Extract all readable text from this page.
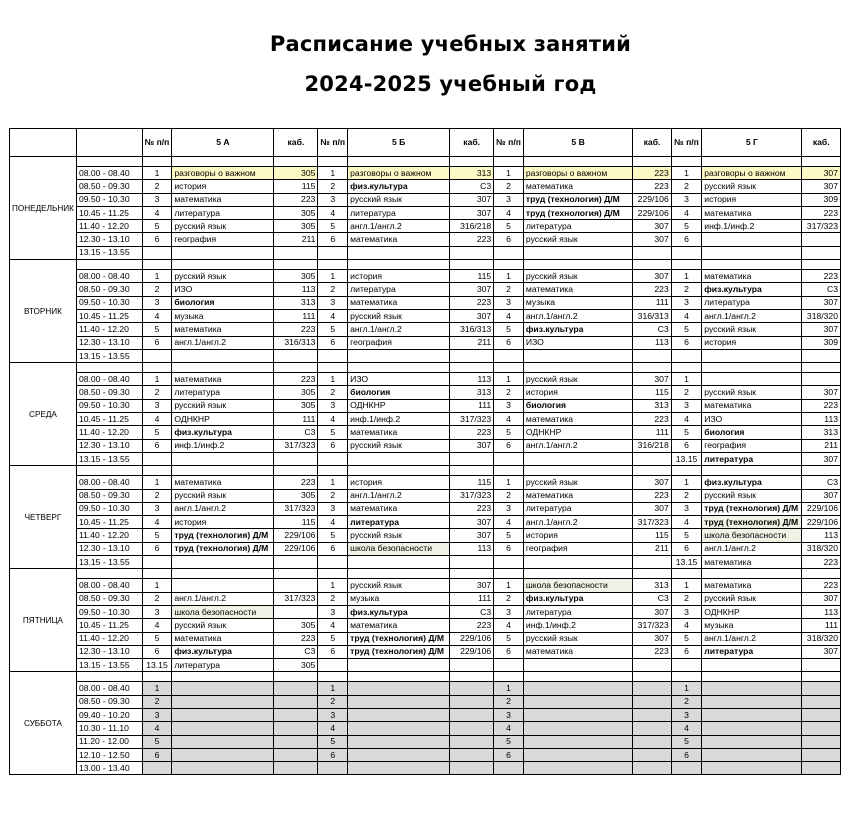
Расписание учебных занятий
2024-2025 учебный год
		№ п/п	5 А	каб.	№ п/п	5 Б	каб.	№ п/п	5 В	каб.	№ п/п	5 Г	каб.
ПОНЕДЕЛЬНИК													
	08.00 - 08.40	1	разговоры о важном	305	1	разговоры о важном	313	1	разговоры о важном	223	1	разговоры о важном	307
	08.50 - 09.30	2	история	115	2	физ.культура	С3	2	математика	223	2	русский язык	307
	09.50 - 10.30	3	математика	223	3	русский язык	307	3	труд (технология) Д/М	229/106	3	история	309
	10.45 - 11.25	4	литература	305	4	литература	307	4	труд (технология) Д/М	229/106	4	математика	223
	11.40 - 12.20	5	русский язык	305	5	англ.1/англ.2	316/218	5	литература	307	5	инф.1/инф.2	317/323
	12.30 - 13.10	6	география	211	6	математика	223	6	русский язык	307	6		
	13.15 - 13.55												
ВТОРНИК													
	08.00 - 08.40	1	русский язык	305	1	история	115	1	русский язык	307	1	математика	223
	08.50 - 09.30	2	ИЗО	113	2	литература	307	2	математика	223	2	физ.культура	С3
	09.50 - 10.30	3	биология	313	3	математика	223	3	музыка	111	3	литература	307
	10.45 - 11.25	4	музыка	111	4	русский язык	307	4	англ.1/англ.2	316/313	4	англ.1/англ.2	318/320
	11.40 - 12.20	5	математика	223	5	англ.1/англ.2	316/313	5	физ.культура	С3	5	русский язык	307
	12.30 - 13.10	6	англ.1/англ.2	316/313	6	география	211	6	ИЗО	113	6	история	309
	13.15 - 13.55												
СРЕДА													
	08.00 - 08.40	1	математика	223	1	ИЗО	113	1	русский язык	307	1		
	08.50 - 09.30	2	литература	305	2	биология	313	2	история	115	2	русский язык	307
	09.50 - 10.30	3	русский язык	305	3	ОДНКНР	111	3	биология	313	3	математика	223
	10.45 - 11.25	4	ОДНКНР	111	4	инф.1/инф.2	317/323	4	математика	223	4	ИЗО	113
	11.40 - 12.20	5	физ.культура	С3	5	математика	223	5	ОДНКНР	111	5	биология	313
	12.30 - 13.10	6	инф.1/инф.2	317/323	6	русский язык	307	6	англ.1/англ.2	316/218	6	география	211
	13.15 - 13.55										13.15	литература	307
ЧЕТВЕРГ													
	08.00 - 08.40	1	математика	223	1	история	115	1	русский язык	307	1	физ.культура	С3
	08.50 - 09.30	2	русский язык	305	2	англ.1/англ.2	317/323	2	математика	223	2	русский язык	307
	09.50 - 10.30	3	англ.1/англ.2	317/323	3	математика	223	3	литература	307	3	труд (технология) Д/М	229/106
	10.45 - 11.25	4	история	115	4	литература	307	4	англ.1/англ.2	317/323	4	труд (технология) Д/М	229/106
	11.40 - 12.20	5	труд (технология) Д/М	229/106	5	русский язык	307	5	история	115	5	школа безопасности	113
	12.30 - 13.10	6	труд (технология) Д/М	229/106	6	школа безопасности	113	6	география	211	6	англ.1/англ.2	318/320
	13.15 - 13.55										13.15	математика	223
ПЯТНИЦА													
	08.00 - 08.40	1			1	русский язык	307	1	школа безопасности	313	1	математика	223
	08.50 - 09.30	2	англ.1/англ.2	317/323	2	музыка	111	2	физ.культура	С3	2	русский язык	307
	09.50 - 10.30	3	школа безопасности		3	физ.культура	С3	3	литература	307	3	ОДНКНР	113
	10.45 - 11.25	4	русский язык	305	4	математика	223	4	инф.1/инф.2	317/323	4	музыка	111
	11.40 - 12.20	5	математика	223	5	труд (технология) Д/М	229/106	5	русский язык	307	5	англ.1/англ.2	318/320
	12.30 - 13.10	6	физ.культура	С3	6	труд (технология) Д/М	229/106	6	математика	223	6	литература	307
	13.15 - 13.55	13.15	литература	305									
СУББОТА													
	08.00 - 08.40	1			1			1			1		
	08.50 - 09.30	2			2			2			2		
	09.40 - 10.20	3			3			3			3		
	10.30 - 11.10	4			4			4			4		
	11.20 - 12.00	5			5			5			5		
	12.10 - 12.50	6			6			6			6		
	13.00 - 13.40												
